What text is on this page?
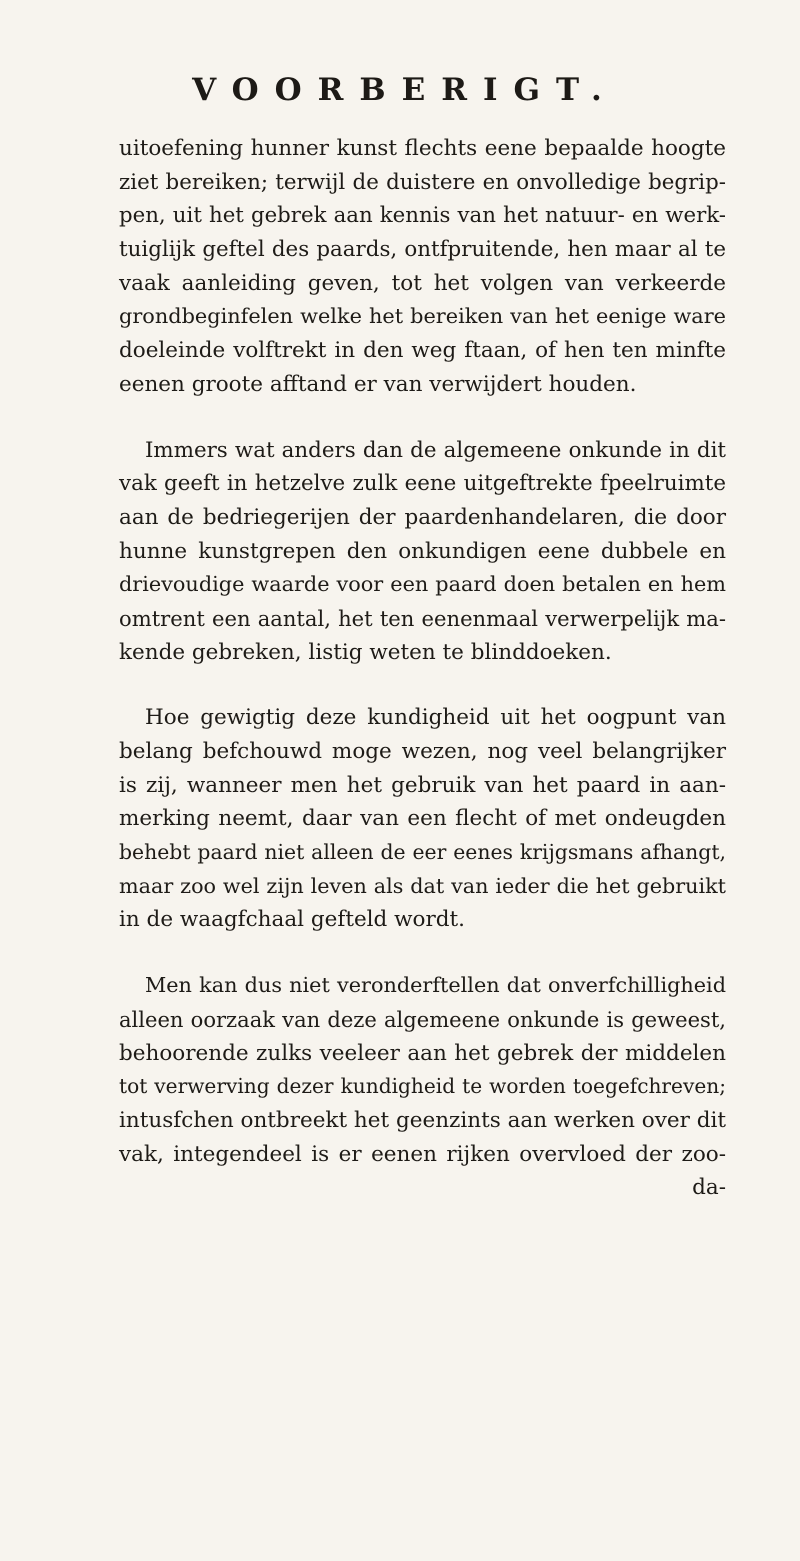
VOORBERIGT.
uitoefening hunner kunst flechts eene bepaalde hoogte
ziet bereiken; terwijl de duistere en onvolledige begrip-
pen, uit het gebrek aan kennis van het natuur- en werk-
tuiglijk geftel des paards, ontfpruitende, hen maar al te
vaak aanleiding geven, tot het volgen van verkeerde
grondbeginfelen welke het bereiken van het eenige ware
doeleinde volftrekt in den weg ftaan, of hen ten minfte
eenen groote afftand er van verwijdert houden.
Immers wat anders dan de algemeene onkunde in dit
vak geeft in hetzelve zulk eene uitgeftrekte fpeelruimte
aan de bedriegerijen der paardenhandelaren, die door
hunne kunstgrepen den onkundigen eene dubbele en
drievoudige waarde voor een paard doen betalen en hem
omtrent een aantal, het ten eenenmaal verwerpelijk ma-
kende gebreken, listig weten te blinddoeken.
Hoe gewigtig deze kundigheid uit het oogpunt van
belang befchouwd moge wezen, nog veel belangrijker
is zij, wanneer men het gebruik van het paard in aan-
merking neemt, daar van een flecht of met ondeugden
behebt paard niet alleen de eer eenes krijgsmans afhangt,
maar zoo wel zijn leven als dat van ieder die het gebruikt
in de waagfchaal gefteld wordt.
Men kan dus niet veronderftellen dat onverfchilligheid
alleen oorzaak van deze algemeene onkunde is geweest,
behoorende zulks veeleer aan het gebrek der middelen
tot verwerving dezer kundigheid te worden toegefchreven;
intusfchen ontbreekt het geenzints aan werken over dit
vak, integendeel is er eenen rijken overvloed der zoo-
da-
